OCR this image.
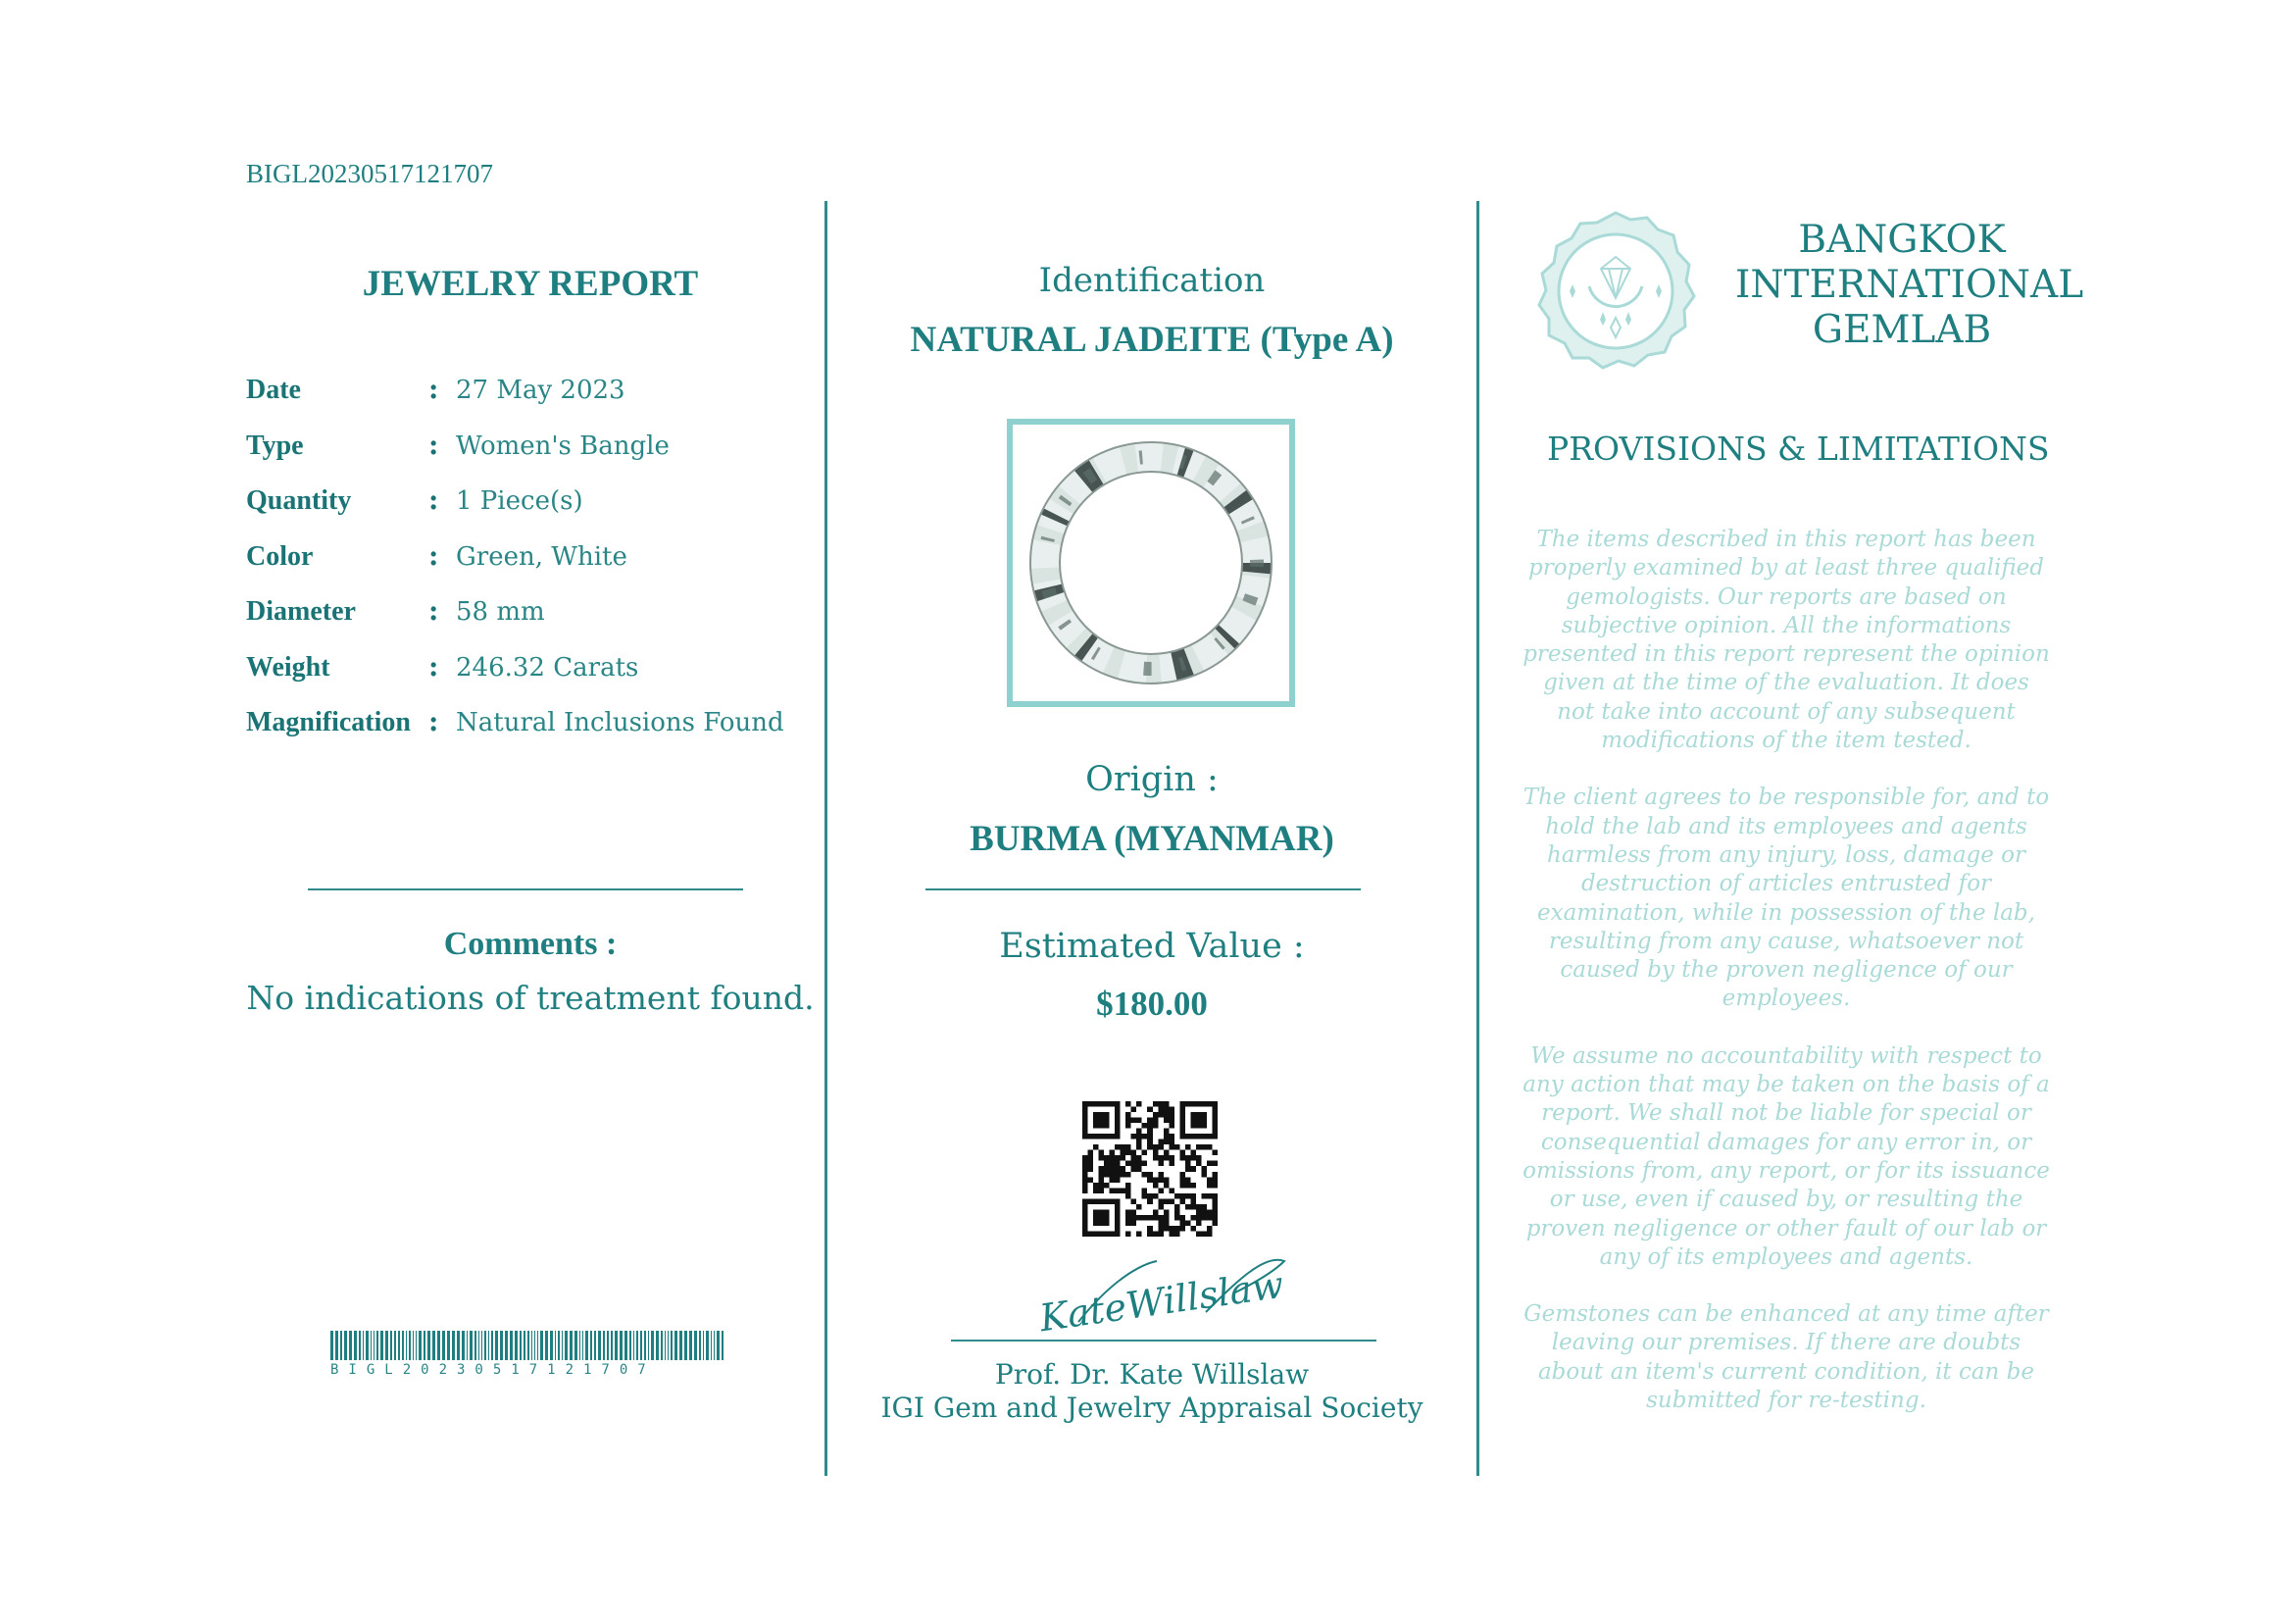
BIGL20230517121707
JEWELRY REPORT
Date	: 27 May 2023
Type	: Women's Bangle
Quantity	: 1 Piece(s)
Color	: Green, White
Diameter	: 58 mm
Weight	: 246.32 Carats
Magnification : Natural Inclusions Found
Comments :
No indications of treatment found.
BIGL20230517121707
Identification
NATURAL JADEITE (Type A)
Origin :
BURMA (MYANMAR)
Estimated Value :
$180.00
KateWillslaw
Prof. Dr. Kate Willslaw
IGI Gem and Jewelry Appraisal Society
BANGKOK
INTERNATIONAL
GEMLAB
PROVISIONS & LIMITATIONS

The items described in this report has been properly examined by at least three qualified gemologists. Our reports are based on subjective opinion. All the informations presented in this report represent the opinion given at the time of the evaluation. It does not take into account of any subsequent modifications of the item tested.

The client agrees to be responsible for, and to hold the lab and its employees and agents harmless from any injury, loss, damage or destruction of articles entrusted for examination, while in possession of the lab, resulting from any cause, whatsoever not caused by the proven negligence of our employees.

We assume no accountability with respect to any action that may be taken on the basis of a report. We shall not be liable for special or consequential damages for any error in, or omissions from, any report, or for its issuance or use, even if caused by, or resulting the proven negligence or other fault of our lab or any of its employees and agents.

Gemstones can be enhanced at any time after leaving our premises. If there are doubts about an item's current condition, it can be submitted for re-testing.
